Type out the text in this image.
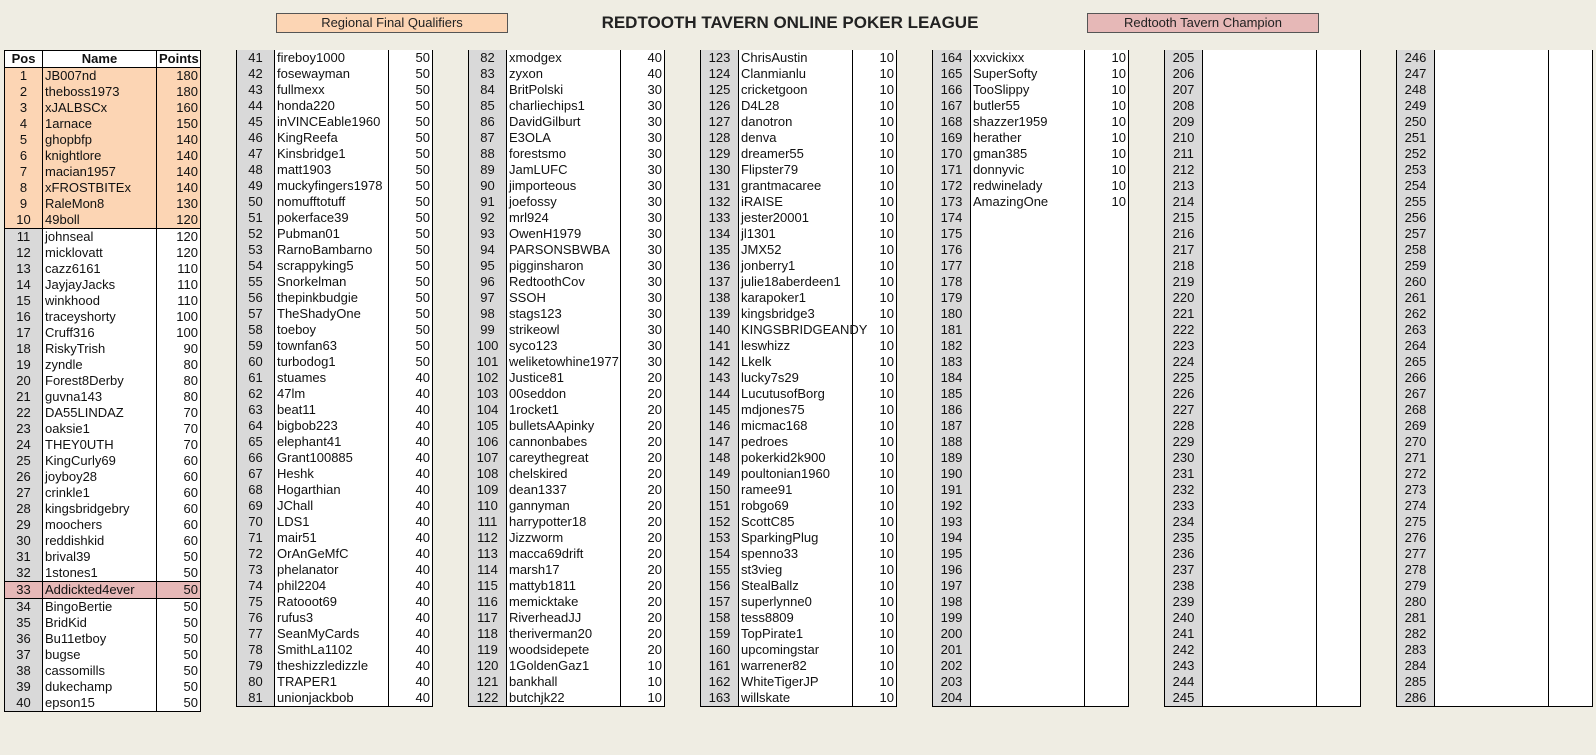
Regional Final Qualifiers	REDTOOTH TAVERN ONLINE POKER LEAGUE	Redtooth Tavern Champion
Pos	Name	Points
1	JB007nd	180
2	theboss1973	180
3	xJALBSCx	160
4	1arnace	150
5	ghopbfp	140
6	knightlore	140
7	macian1957	140
8	xFROSTBITEx	140
9	RaleMon8	130
10	49boll	120
11	johnseal	120
12	micklovatt	120
13	cazz6161	110
14	JayjayJacks	110
15	winkhood	110
16	traceyshorty	100
17	Cruff316	100
18	RiskyTrish	90
19	zyndle	80
20	Forest8Derby	80
21	guvna143	80
22	DA55LINDAZ	70
23	oaksie1	70
24	THEY0UTH	70
25	KingCurly69	60
26	joyboy28	60
27	crinkle1	60
28	kingsbridgebry	60
29	moochers	60
30	reddishkid	60
31	brival39	50
32	1stones1	50
33	Addickted4ever	50
34	BingoBertie	50
35	BridKid	50
36	Bu11etboy	50
37	bugse	50
38	cassomills	50
39	dukechamp	50
40	epson15	50
41	fireboy1000	50
42	fosewayman	50
43	fullmexx	50
44	honda220	50
45	inVINCEable1960	50
46	KingReefa	50
47	Kinsbridge1	50
48	matt1903	50
49	muckyfingers1978	50
50	nomufftotuff	50
51	pokerface39	50
52	Pubman01	50
53	RarnoBambarno	50
54	scrappyking5	50
55	Snorkelman	50
56	thepinkbudgie	50
57	TheShadyOne	50
58	toeboy	50
59	townfan63	50
60	turbodog1	50
61	stuames	40
62	47lm	40
63	beat11	40
64	bigbob223	40
65	elephant41	40
66	Grant100885	40
67	Heshk	40
68	Hogarthian	40
69	JChall	40
70	LDS1	40
71	mair51	40
72	OrAnGeMfC	40
73	phelanator	40
74	phil2204	40
75	Ratooot69	40
76	rufus3	40
77	SeanMyCards	40
78	SmithLa1102	40
79	theshizzledizzle	40
80	TRAPER1	40
81	unionjackbob	40
82	xmodgex	40
83	zyxon	40
84	BritPolski	30
85	charliechips1	30
86	DavidGilburt	30
87	E3OLA	30
88	forestsmo	30
89	JamLUFC	30
90	jimporteous	30
91	joefossy	30
92	mrl924	30
93	OwenH1979	30
94	PARSONSBWBA	30
95	pigginsharon	30
96	RedtoothCov	30
97	SSOH	30
98	stags123	30
99	strikeowl	30
100	syco123	30
101	weliketowhine1977	30
102	Justice81	20
103	00seddon	20
104	1rocket1	20
105	bulletsAApinky	20
106	cannonbabes	20
107	careythegreat	20
108	chelskired	20
109	dean1337	20
110	gannyman	20
111	harrypotter18	20
112	Jizzworm	20
113	macca69drift	20
114	marsh17	20
115	mattyb1811	20
116	memicktake	20
117	RiverheadJJ	20
118	theriverman20	20
119	woodsidepete	20
120	1GoldenGaz1	10
121	bankhall	10
122	butchjk22	10
123	ChrisAustin	10
124	Clanmianlu	10
125	cricketgoon	10
126	D4L28	10
127	danotron	10
128	denva	10
129	dreamer55	10
130	Flipster79	10
131	grantmacaree	10
132	iRAISE	10
133	jester20001	10
134	jl1301	10
135	JMX52	10
136	jonberry1	10
137	julie18aberdeen1	10
138	karapoker1	10
139	kingsbridge3	10
140	KINGSBRIDGEANDY	10
141	leswhizz	10
142	Lkelk	10
143	lucky7s29	10
144	LucutusofBorg	10
145	mdjones75	10
146	micmac168	10
147	pedroes	10
148	pokerkid2k900	10
149	poultonian1960	10
150	ramee91	10
151	robgo69	10
152	ScottC85	10
153	SparkingPlug	10
154	spenno33	10
155	st3vieg	10
156	StealBallz	10
157	superlynne0	10
158	tess8809	10
159	TopPirate1	10
160	upcomingstar	10
161	warrener82	10
162	WhiteTigerJP	10
163	willskate	10
164	xxvickixx	10
165	SuperSofty	10
166	TooSlippy	10
167	butler55	10
168	shazzer1959	10
169	herather	10
170	gman385	10
171	donnyvic	10
172	redwinelady	10
173	AmazingOne	10
174		
175		
176		
177		
178		
179		
180		
181		
182		
183		
184		
185		
186		
187		
188		
189		
190		
191		
192		
193		
194		
195		
196		
197		
198		
199		
200		
201		
202		
203		
204		
205		
206		
207		
208		
209		
210		
211		
212		
213		
214		
215		
216		
217		
218		
219		
220		
221		
222		
223		
224		
225		
226		
227		
228		
229		
230		
231		
232		
233		
234		
235		
236		
237		
238		
239		
240		
241		
242		
243		
244		
245		
246		
247		
248		
249		
250		
251		
252		
253		
254		
255		
256		
257		
258		
259		
260		
261		
262		
263		
264		
265		
266		
267		
268		
269		
270		
271		
272		
273		
274		
275		
276		
277		
278		
279		
280		
281		
282		
283		
284		
285		
286		
